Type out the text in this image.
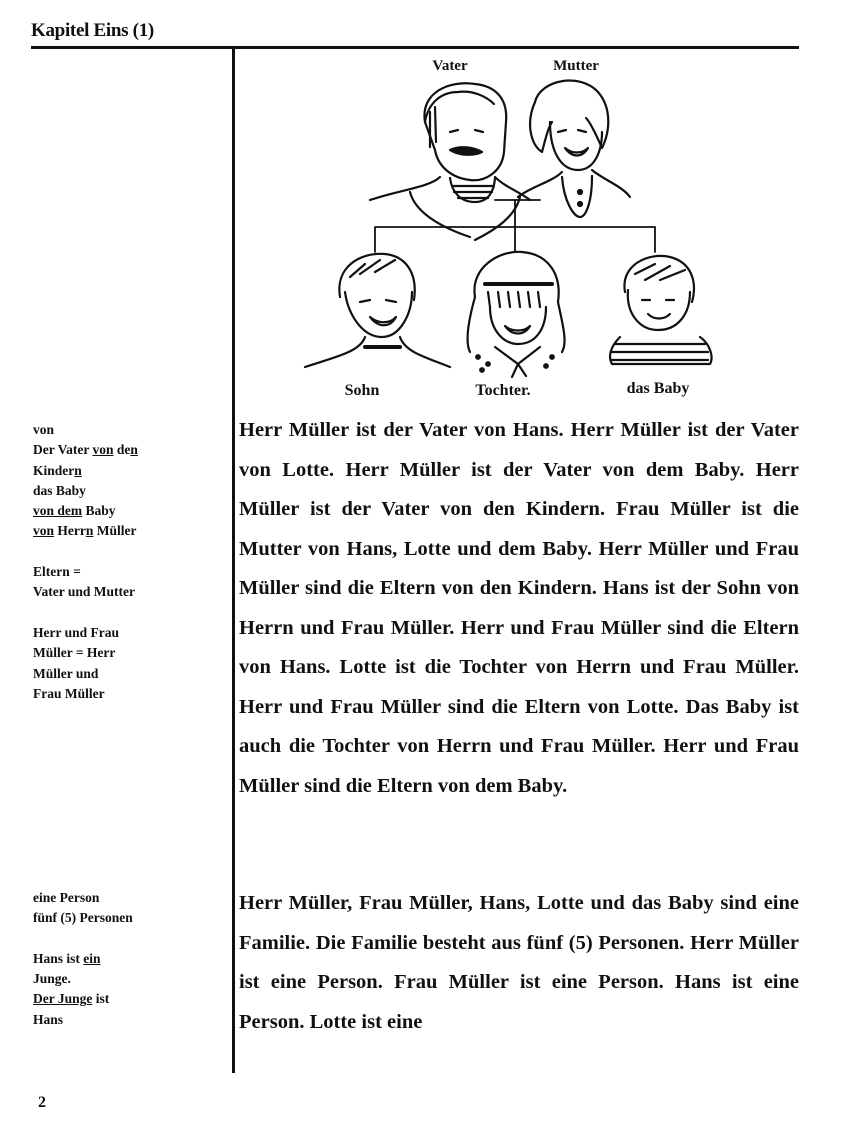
Kapitel Eins (1)
Vater	Mutter
Sohn	Tochter.	das Baby
von
Der Vater von den
Kindern
das Baby
von dem Baby
von Herrn Müller

Eltern =
Vater und Mutter

Herr und Frau
Müller = Herr
Müller und
Frau Müller
eine Person
fünf (5) Personen

Hans ist ein
Junge.
Der Junge ist
Hans
Herr Müller ist der Vater von Hans. Herr Müller ist der Vater von Lotte. Herr Müller ist der Vater von dem Baby. Herr Müller ist der Vater von den Kindern. Frau Müller ist die Mutter von Hans, Lotte und dem Baby. Herr Müller und Frau Müller sind die Eltern von den Kindern. Hans ist der Sohn von Herrn und Frau Müller. Herr und Frau Müller sind die Eltern von Hans. Lotte ist die Tochter von Herrn und Frau Müller. Herr und Frau Müller sind die Eltern von Lotte. Das Baby ist auch die Tochter von Herrn und Frau Müller. Herr und Frau Müller sind die Eltern von dem Baby.
Herr Müller, Frau Müller, Hans, Lotte und das Baby sind eine Familie. Die Familie besteht aus fünf (5) Personen. Herr Müller ist eine Person. Frau Müller ist eine Person. Hans ist eine Person. Lotte ist eine
2
